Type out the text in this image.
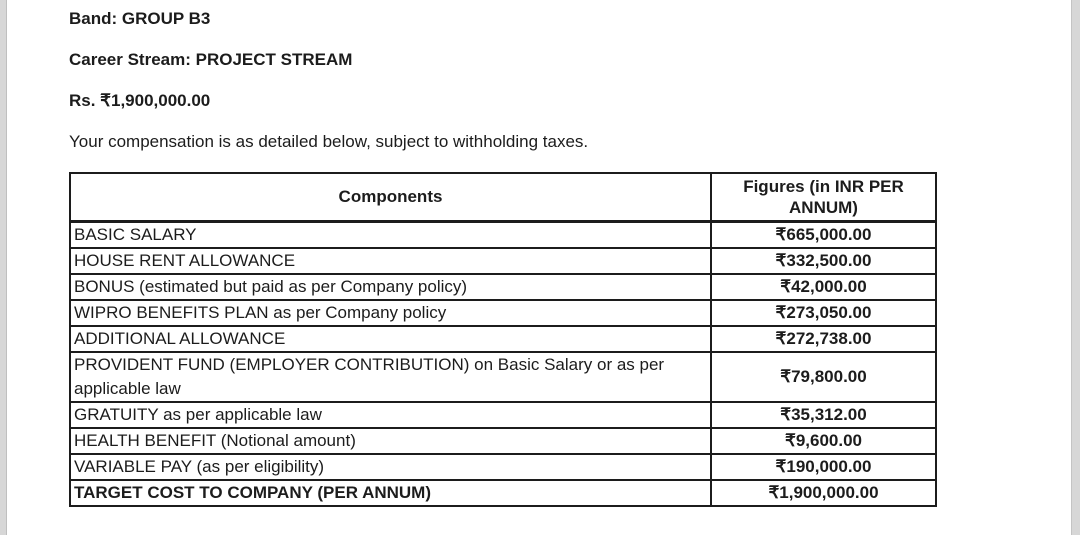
Band: GROUP B3

Career Stream: PROJECT STREAM

Rs. ₹1,900,000.00

Your compensation is as detailed below, subject to withholding taxes.

Components	Figures (in INR PER ANNUM)
BASIC SALARY	₹665,000.00
HOUSE RENT ALLOWANCE	₹332,500.00
BONUS (estimated but paid as per Company policy)	₹42,000.00
WIPRO BENEFITS PLAN as per Company policy	₹273,050.00
ADDITIONAL ALLOWANCE	₹272,738.00
PROVIDENT FUND (EMPLOYER CONTRIBUTION) on Basic Salary or as per applicable law	₹79,800.00
GRATUITY as per applicable law	₹35,312.00
HEALTH BENEFIT (Notional amount)	₹9,600.00
VARIABLE PAY (as per eligibility)	₹190,000.00
TARGET COST TO COMPANY (PER ANNUM)	₹1,900,000.00
